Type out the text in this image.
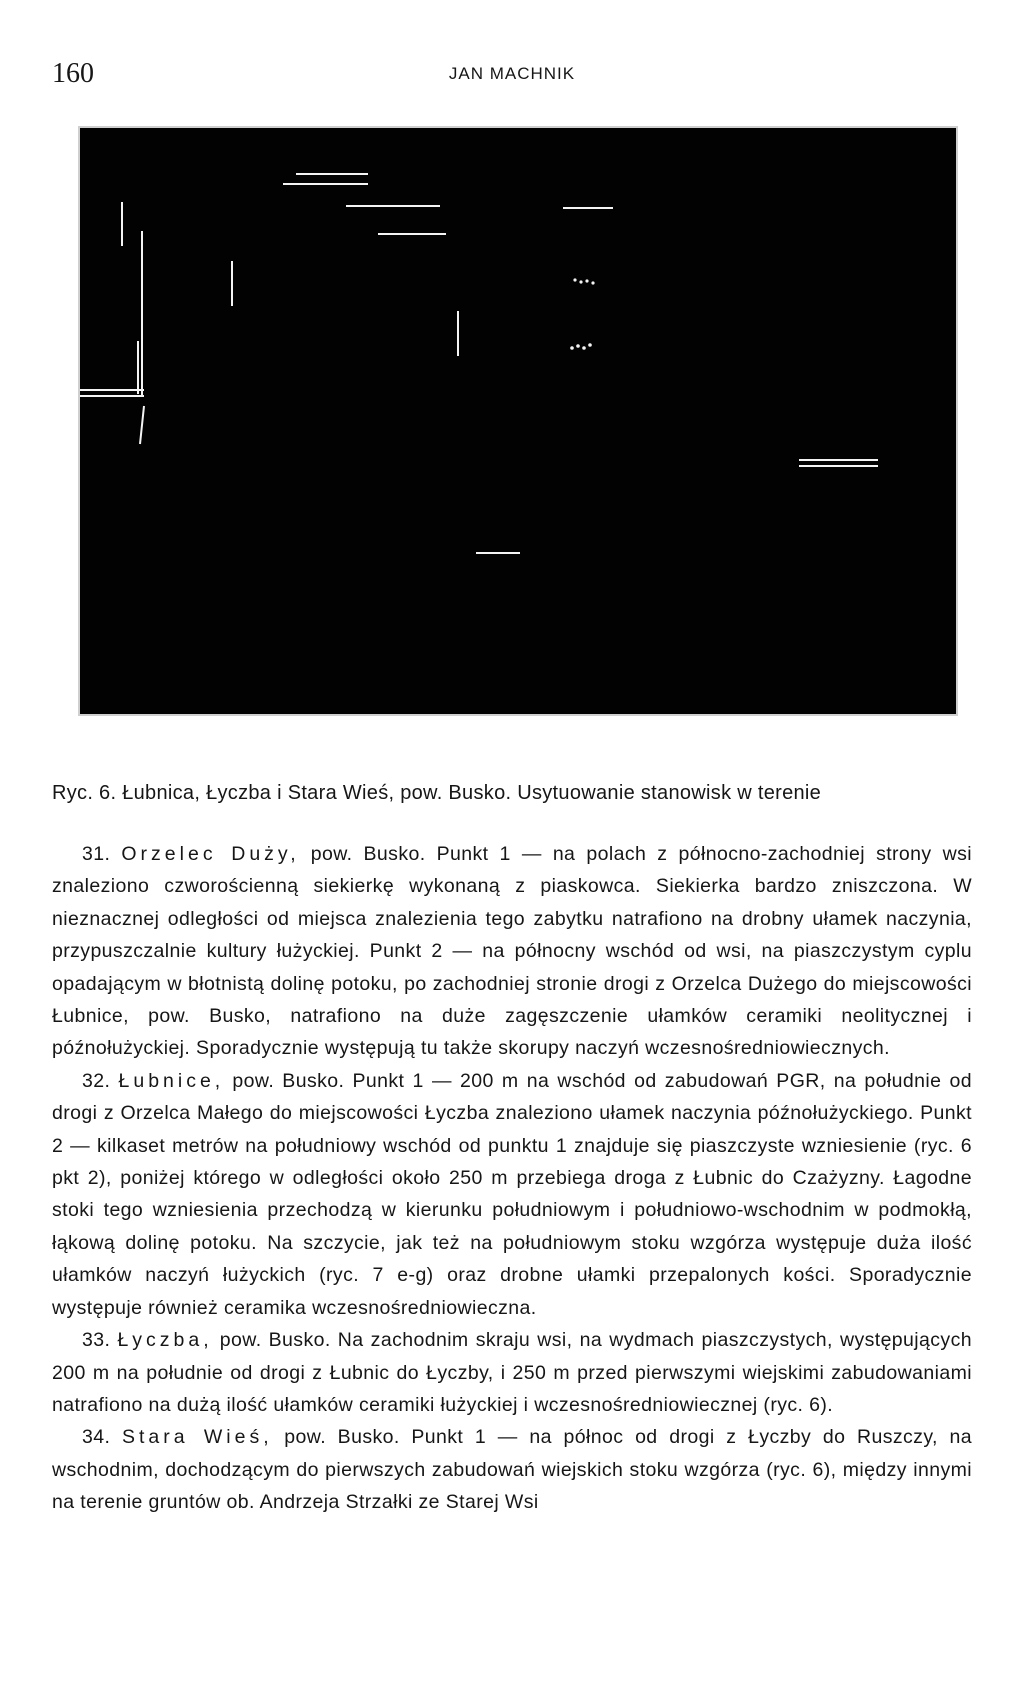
160	JAN MACHNIK
Ryc. 6. Łubnica, Łyczba i Stara Wieś, pow. Busko. Usytuowanie stanowisk w terenie

31. Orzelec Duży, pow. Busko. Punkt 1 — na polach z północno-zachodniej strony wsi znaleziono czworościenną siekierkę wykonaną z piaskowca. Siekierka bardzo zniszczona. W nieznacznej odległości od miejsca znalezienia tego zabytku natrafiono na drobny ułamek naczynia, przypuszczalnie kultury łużyckiej. Punkt 2 — na północny wschód od wsi, na piaszczystym cyplu opadającym w błotnistą dolinę potoku, po zachodniej stronie drogi z Orzelca Dużego do miejscowości Łubnice, pow. Busko, natrafiono na duże zagęszczenie ułamków ceramiki neolitycznej i późnołużyckiej. Sporadycznie występują tu także skorupy naczyń wczesnośredniowiecznych.

32. Łubnice, pow. Busko. Punkt 1 — 200 m na wschód od zabudowań PGR, na południe od drogi z Orzelca Małego do miejscowości Łyczba znaleziono ułamek naczynia późnołużyckiego. Punkt 2 — kilkaset metrów na południowy wschód od punktu 1 znajduje się piaszczyste wzniesienie (ryc. 6 pkt 2), poniżej którego w odległości około 250 m przebiega droga z Łubnic do Czażyzny. Łagodne stoki tego wzniesienia przechodzą w kierunku południowym i południowo-wschodnim w podmokłą, łąkową dolinę potoku. Na szczycie, jak też na południowym stoku wzgórza występuje duża ilość ułamków naczyń łużyckich (ryc. 7 e-g) oraz drobne ułamki przepalonych kości. Sporadycznie występuje również ceramika wczesnośredniowieczna.

33. Łyczba, pow. Busko. Na zachodnim skraju wsi, na wydmach piaszczystych, występujących 200 m na południe od drogi z Łubnic do Łyczby, i 250 m przed pierwszymi wiejskimi zabudowaniami natrafiono na dużą ilość ułamków ceramiki łużyckiej i wczesnośredniowiecznej (ryc. 6).

34. Stara Wieś, pow. Busko. Punkt 1 — na północ od drogi z Łyczby do Ruszczy, na wschodnim, dochodzącym do pierwszych zabudowań wiejskich stoku wzgórza (ryc. 6), między innymi na terenie gruntów ob. Andrzeja Strzałki ze Starej Wsi
